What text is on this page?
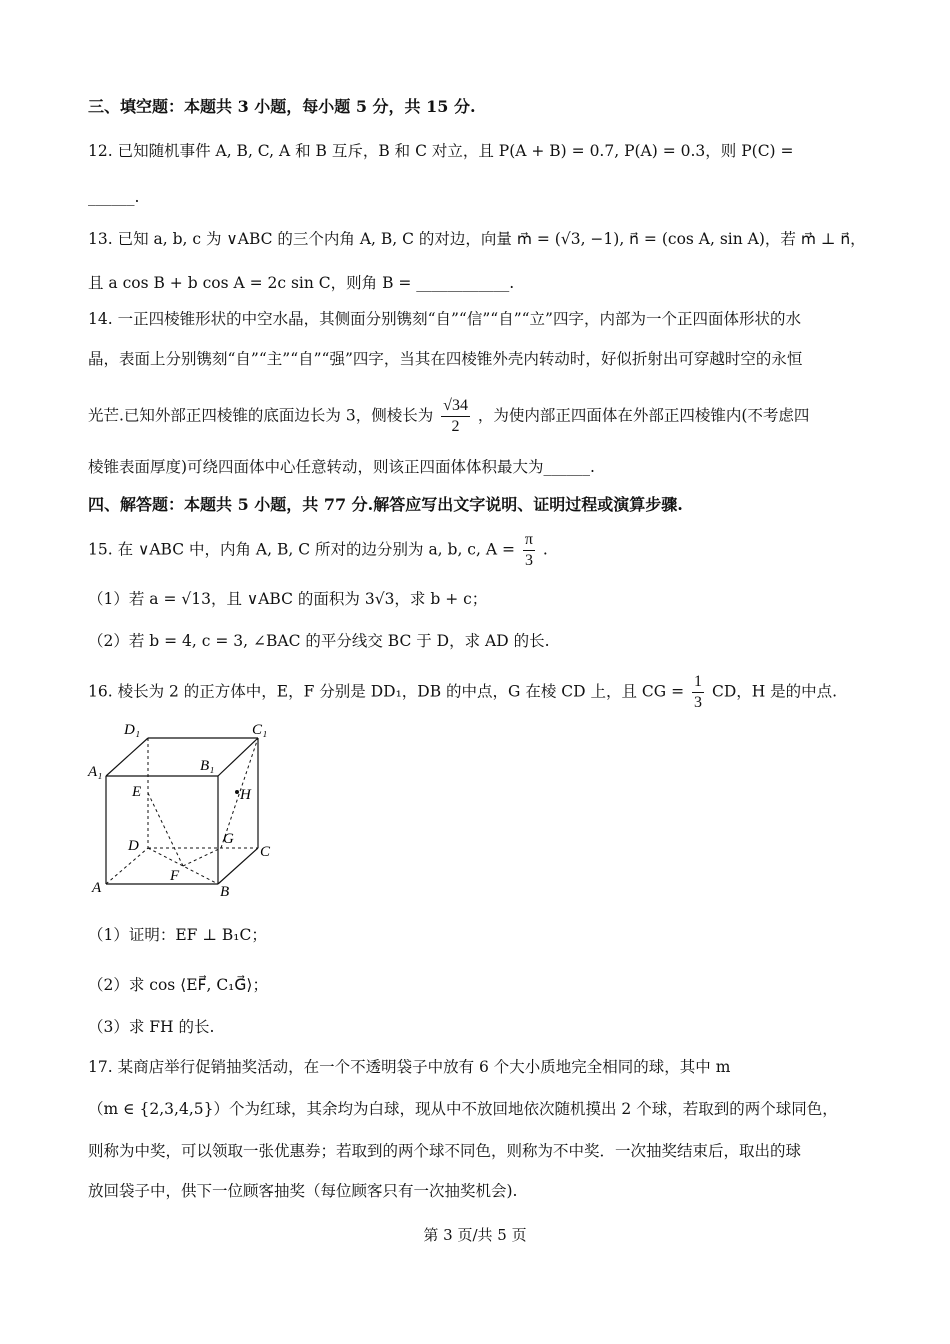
三、填空题：本题共 3 小题，每小题 5 分，共 15 分.
12. 已知随机事件 A, B, C, A 和 B 互斥，B 和 C 对立，且 P(A + B) = 0.7, P(A) = 0.3，则 P(C) =
______.
13. 已知 a, b, c 为 ∨ABC 的三个内角 A, B, C 的对边，向量 m⃗ = (√3, −1), n⃗ = (cos A, sin A)，若 m⃗ ⊥ n⃗，
且 a cos B + b cos A = 2c sin C，则角 B = ____________.
14. 一正四棱锥形状的中空水晶，其侧面分别镌刻“自”“信”“自”“立”四字，内部为一个正四面体形状的水
晶，表面上分别镌刻“自”“主”“自”“强”四字，当其在四棱锥外壳内转动时，好似折射出可穿越时空的永恒
光芒.已知外部正四棱锥的底面边长为 3，侧棱长为 $\frac{√34}{2}$ ，为使内部正四面体在外部正四棱锥内(不考虑四
棱锥表面厚度)可绕四面体中心任意转动，则该正四面体体积最大为______.
四、解答题：本题共 5 小题，共 77 分.解答应写出文字说明、证明过程或演算步骤.
15. 在 ∨ABC 中，内角 A, B, C 所对的边分别为 a, b, c, $A = \frac{\pi}{3}$ .
（1）若 a = √13，且 ∨ABC 的面积为 3√3，求 b + c；
（2）若 b = 4, c = 3, ∠BAC 的平分线交 BC 于 D，求 AD 的长.
16. 棱长为 2 的正方体中，E，F 分别是 DD₁，DB 的中点，G 在棱 CD 上，且 CG = $\frac{1}{3}$ CD，H 是的中点.
D₁	C₁
A₁	B₁
E	H
G
D	C
F
A	B
（1）证明：EF ⊥ B₁C；
（2）求 cos ⟨EF⃗, C₁G⃗⟩；
（3）求 FH 的长.
17. 某商店举行促销抽奖活动，在一个不透明袋子中放有 6 个大小质地完全相同的球，其中 m
（m ∈ {2,3,4,5}）个为红球，其余均为白球，现从中不放回地依次随机摸出 2 个球，若取到的两个球同色，
则称为中奖，可以领取一张优惠券；若取到的两个球不同色，则称为不中奖．一次抽奖结束后，取出的球
放回袋子中，供下一位顾客抽奖（每位顾客只有一次抽奖机会).
第 3 页/共 5 页
